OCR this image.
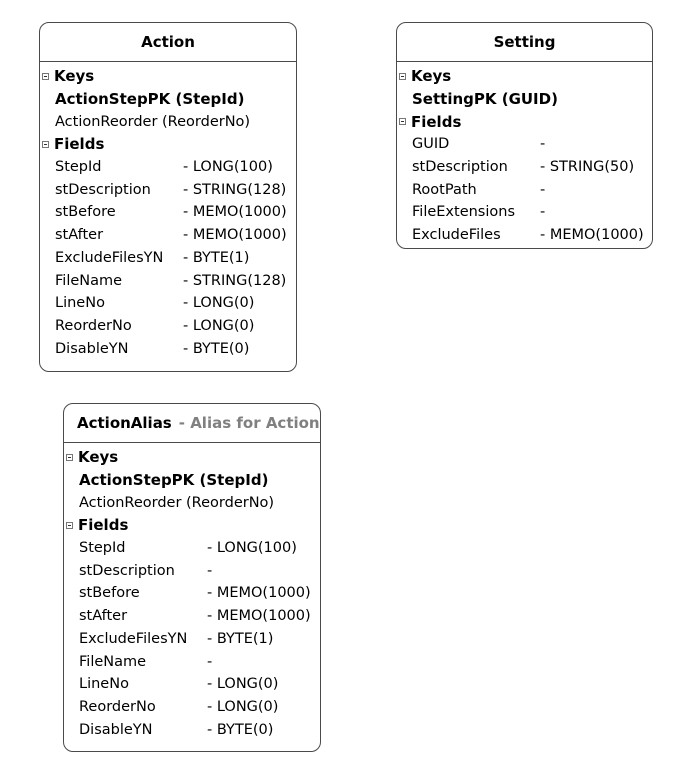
Action
Keys
ActionStepPK (StepId)
ActionReorder (ReorderNo)
Fields
StepId	- LONG(100)
stDescription - STRING(128)
stBefore	- MEMO(1000)
stAfter	- MEMO(1000)
ExcludeFilesYN - BYTE(1)
FileName	- STRING(128)
LineNo	- LONG(0)
ReorderNo	- LONG(0)
DisableYN	- BYTE(0)
Setting
Keys
SettingPK (GUID)
Fields
GUID	-
stDescription - STRING(50)
RootPath	-
FileExtensions -
ExcludeFiles	- MEMO(1000)
ActionAlias - Alias for Action
Keys
ActionStepPK (StepId)
ActionReorder (ReorderNo)
Fields
StepId	- LONG(100)
stDescription -
stBefore	- MEMO(1000)
stAfter	- MEMO(1000)
ExcludeFilesYN - BYTE(1)
FileName	-
LineNo	- LONG(0)
ReorderNo	- LONG(0)
DisableYN	- BYTE(0)
